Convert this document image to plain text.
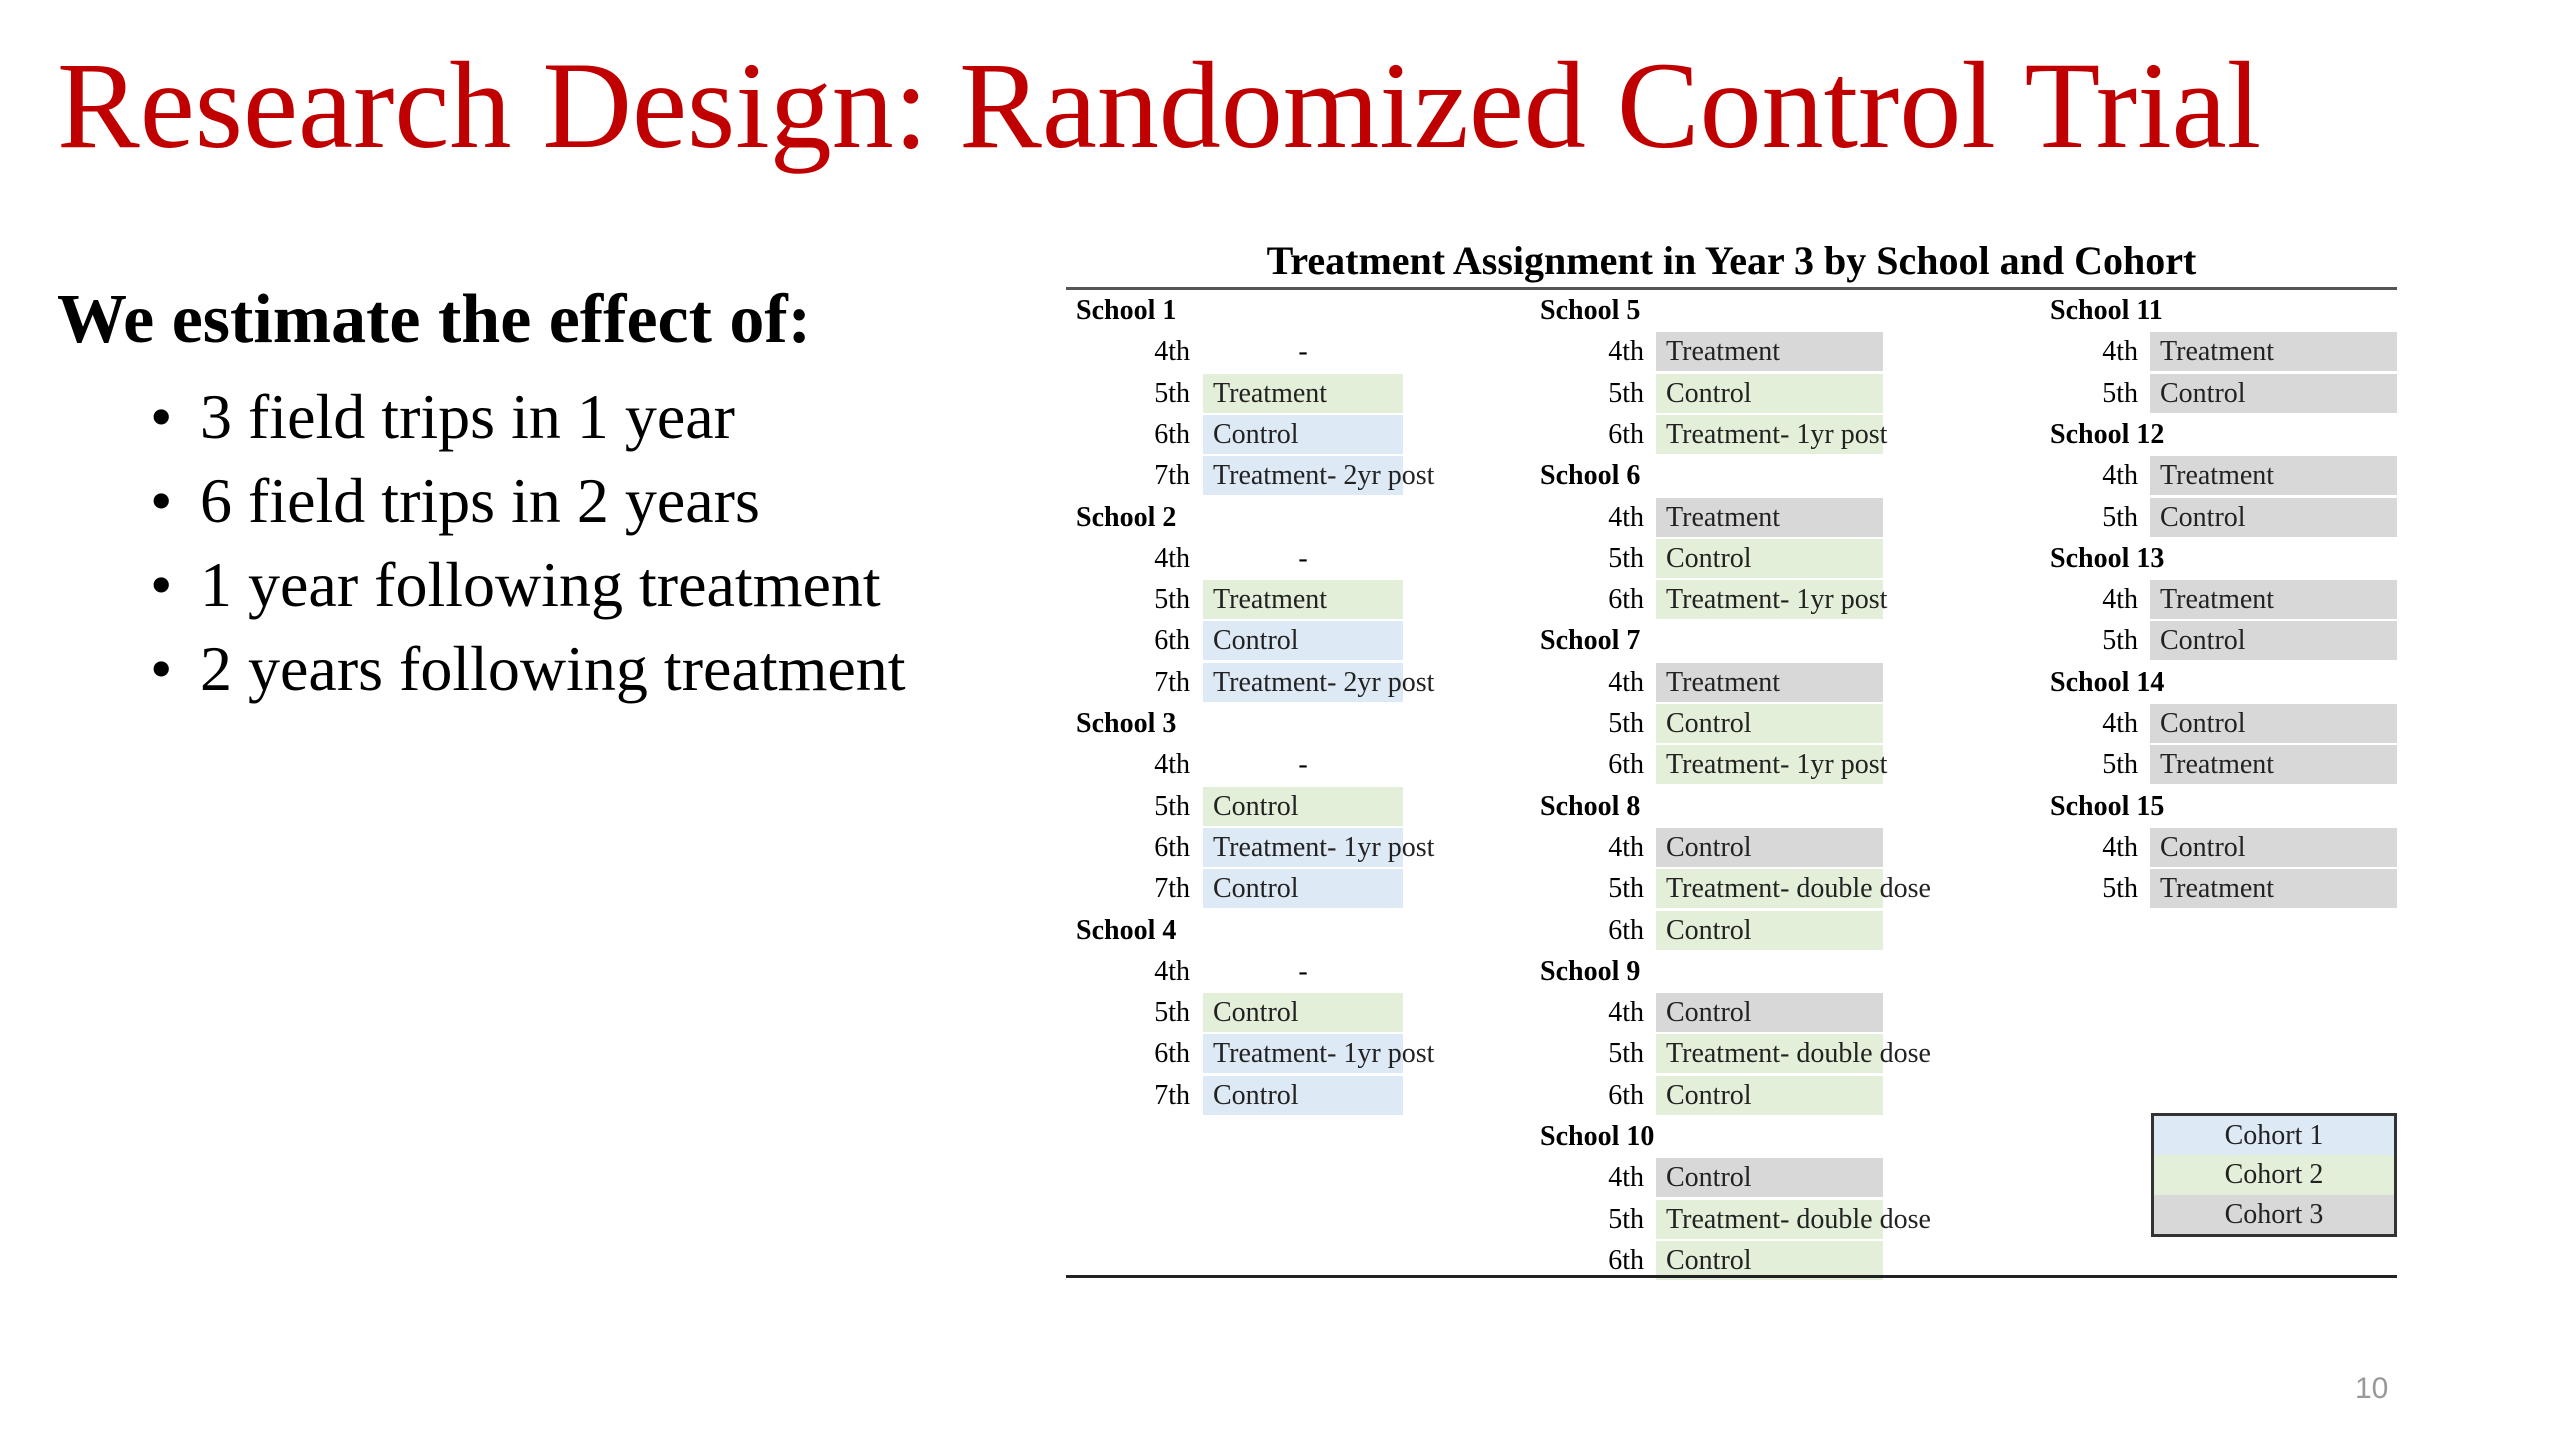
Research Design: Randomized Control Trial
We estimate the effect of:
• 3 field trips in 1 year
• 6 field trips in 2 years
• 1 year following treatment
• 2 years following treatment
Treatment Assignment in Year 3 by School and Cohort
School 1
4th	-
5th Treatment
6th Control
7th Treatment- 2yr post
School 2
4th	-
5th Treatment
6th Control
7th Treatment- 2yr post
School 3
4th	-
5th Control
6th Treatment- 1yr post
7th Control
School 4
4th	-
5th Control
6th Treatment- 1yr post
7th Control
School 5
4th Treatment
5th Control
6th Treatment- 1yr post
School 6
4th Treatment
5th Control
6th Treatment- 1yr post
School 7
4th Treatment
5th Control
6th Treatment- 1yr post
School 8
4th Control
5th Treatment- double dose
6th Control
School 9
4th Control
5th Treatment- double dose
6th Control
School 10
4th Control
5th Treatment- double dose
6th Control
School 11
4th Treatment
5th Control
School 12
4th Treatment
5th Control
School 13
4th Treatment
5th Control
School 14
4th Control
5th Treatment
School 15
4th Control
5th Treatment
Cohort 1
Cohort 2
Cohort 3
10
